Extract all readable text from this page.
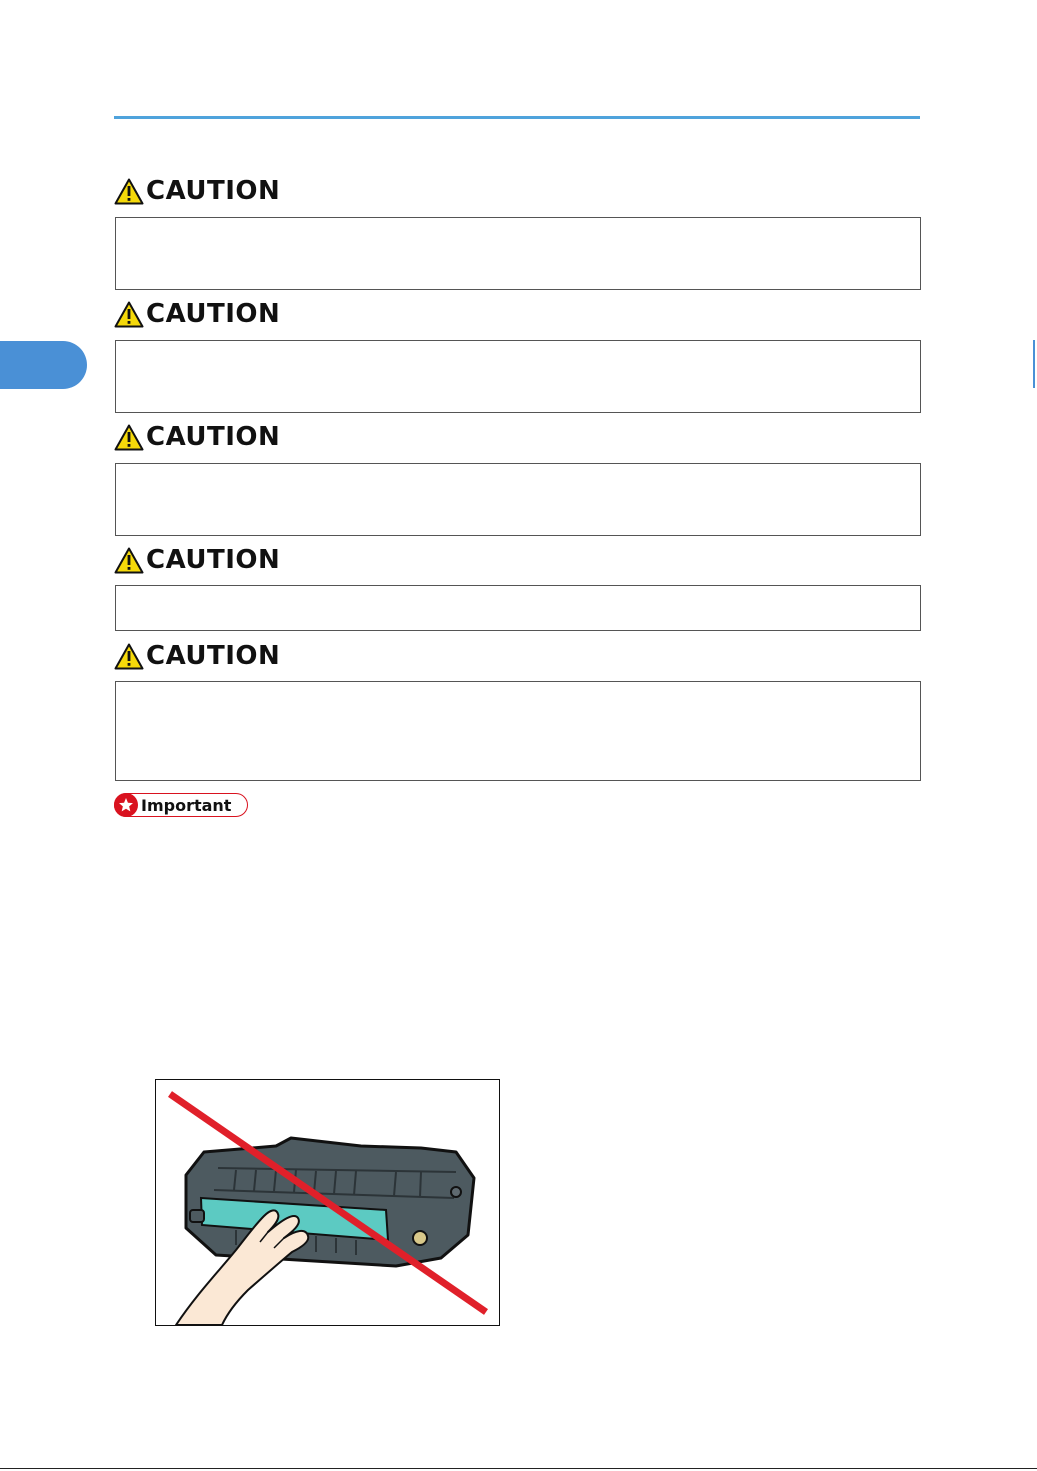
CAUTION
CAUTION
CAUTION
CAUTION
CAUTION
Important
